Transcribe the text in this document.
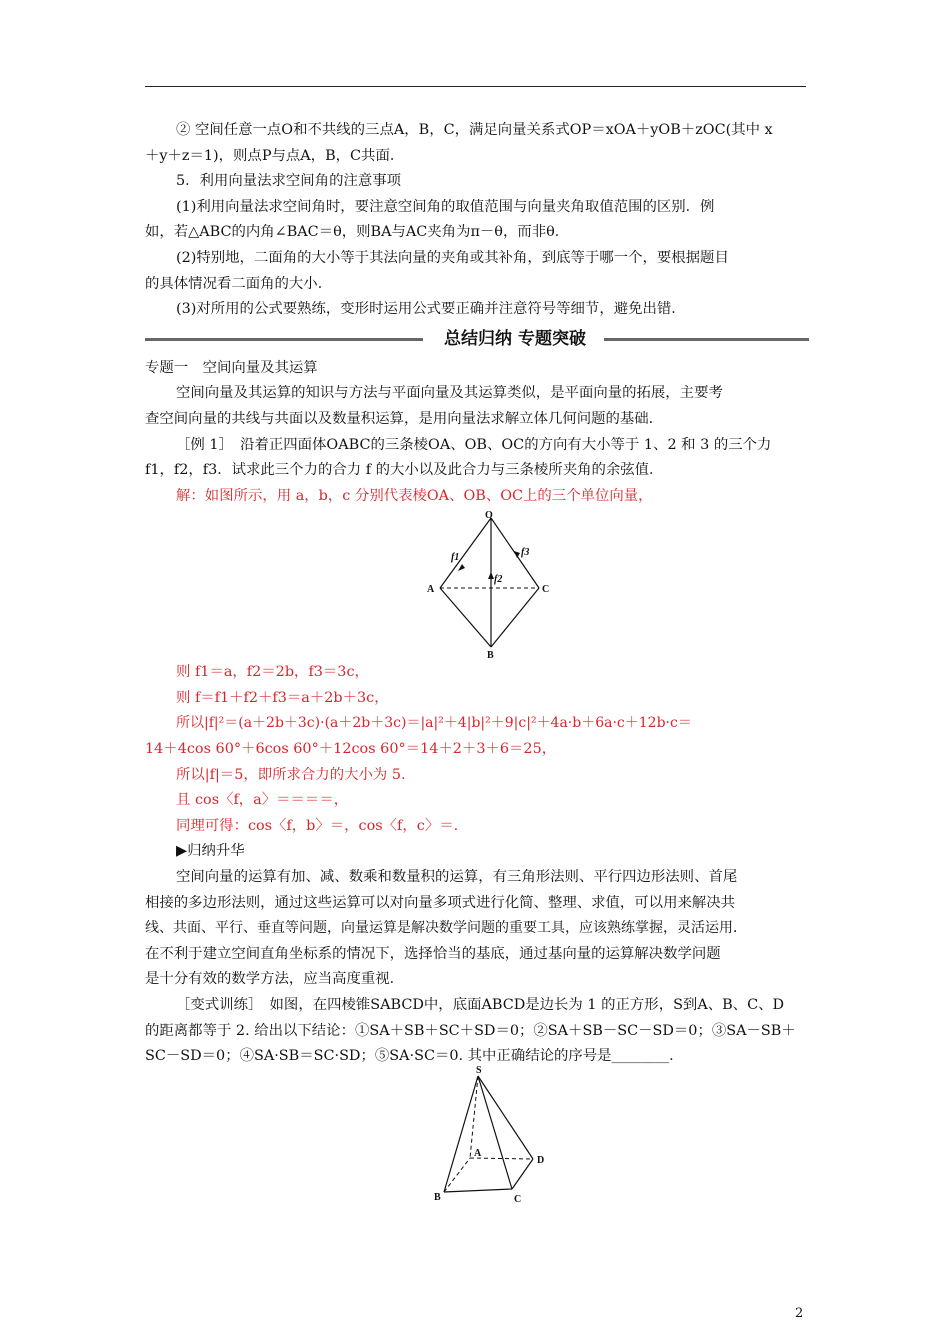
② 空间任意一点O和不共线的三点A，B，C，满足向量关系式OP＝xOA＋yOB＋zOC(其中 x
＋y＋z＝1)，则点P与点A，B，C共面．
5．利用向量法求空间角的注意事项
(1)利用向量法求空间角时，要注意空间角的取值范围与向量夹角取值范围的区别．例
如，若△ABC的内角∠BAC＝θ，则BA与AC夹角为π－θ，而非θ．
(2)特别地，二面角的大小等于其法向量的夹角或其补角，到底等于哪一个，要根据题目
的具体情况看二面角的大小．
(3)对所用的公式要熟练，变形时运用公式要正确并注意符号等细节，避免出错．
总结归纳 专题突破
专题一　空间向量及其运算
空间向量及其运算的知识与方法与平面向量及其运算类似，是平面向量的拓展，主要考
查空间向量的共线与共面以及数量积运算，是用向量法求解立体几何问题的基础．
［例 1］　沿着正四面体OABC的三条棱OA、OB、OC的方向有大小等于 1、2 和 3 的三个力
f1，f2，f3．试求此三个力的合力 f 的大小以及此合力与三条棱所夹角的余弦值．
解：如图所示，用 a，b，c 分别代表棱OA、OB、OC上的三个单位向量，
O
A
B
C
f1
f2
f3
则 f1＝a，f2＝2b，f3＝3c，
则 f＝f1＋f2＋f3＝a＋2b＋3c，
所以|f|²＝(a＋2b＋3c)·(a＋2b＋3c)＝|a|²＋4|b|²＋9|c|²＋4a·b＋6a·c＋12b·c＝
14＋4cos 60°＋6cos 60°＋12cos 60°＝14＋2＋3＋6＝25，
所以|f|＝5，即所求合力的大小为 5.
且 cos〈f，a〉＝＝＝＝，
同理可得：cos〈f，b〉＝，cos〈f，c〉＝.
▶归纳升华
空间向量的运算有加、减、数乘和数量积的运算，有三角形法则、平行四边形法则、首尾
相接的多边形法则，通过这些运算可以对向量多项式进行化简、整理、求值，可以用来解决共
线、共面、平行、垂直等问题，向量运算是解决数学问题的重要工具，应该熟练掌握，灵活运用．
在不利于建立空间直角坐标系的情况下，选择恰当的基底，通过基向量的运算解决数学问题
是十分有效的数学方法，应当高度重视．
［变式训练］　如图，在四棱锥SABCD中，底面ABCD是边长为 1 的正方形，S到A、B、C、D
的距离都等于 2. 给出以下结论：①SA＋SB＋SC＋SD＝0；②SA＋SB－SC－SD＝0；③SA－SB＋
SC－SD＝0；④SA·SB＝SC·SD；⑤SA·SC＝0. 其中正确结论的序号是________．
S
A
B	C
D
2
